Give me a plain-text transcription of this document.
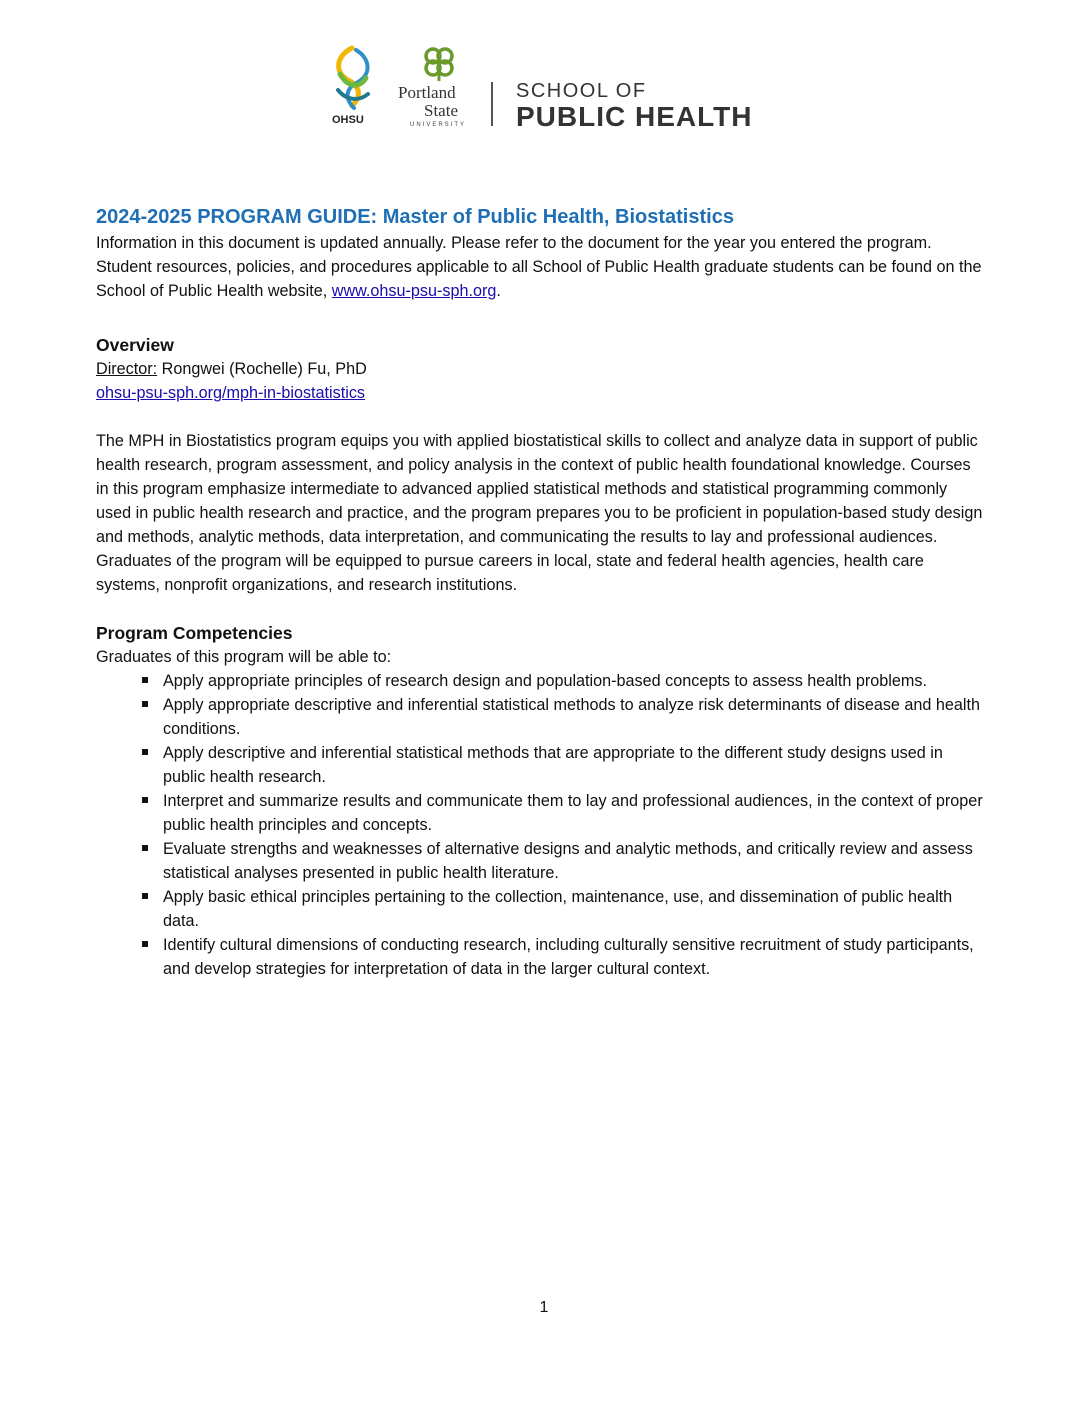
OHSU
Portland
State
UNIVERSITY
SCHOOL OF
PUBLIC HEALTH
2024-2025 PROGRAM GUIDE: Master of Public Health, Biostatistics

Information in this document is updated annually. Please refer to the document for the year you entered the program. Student resources, policies, and procedures applicable to all School of Public Health graduate students can be found on the School of Public Health website, www.ohsu-psu-sph.org.

Overview

Director: Rongwei (Rochelle) Fu, PhD

ohsu-psu-sph.org/mph-in-biostatistics

The MPH in Biostatistics program equips you with applied biostatistical skills to collect and analyze data in support of public health research, program assessment, and policy analysis in the context of public health foundational knowledge. Courses in this program emphasize intermediate to advanced applied statistical methods and statistical programming commonly used in public health research and practice, and the program prepares you to be proficient in population-based study design and methods, analytic methods, data interpretation, and communicating the results to lay and professional audiences. Graduates of the program will be equipped to pursue careers in local, state and federal health agencies, health care systems, nonprofit organizations, and research institutions.

Program Competencies

Graduates of this program will be able to:

Apply appropriate principles of research design and population-based concepts to assess health problems.
Apply appropriate descriptive and inferential statistical methods to analyze risk determinants of disease and health conditions.
Apply descriptive and inferential statistical methods that are appropriate to the different study designs used in public health research.
Interpret and summarize results and communicate them to lay and professional audiences, in the context of proper public health principles and concepts.
Evaluate strengths and weaknesses of alternative designs and analytic methods, and critically review and assess statistical analyses presented in public health literature.
Apply basic ethical principles pertaining to the collection, maintenance, use, and dissemination of public health data.
Identify cultural dimensions of conducting research, including culturally sensitive recruitment of study participants, and develop strategies for interpretation of data in the larger cultural context.
1
